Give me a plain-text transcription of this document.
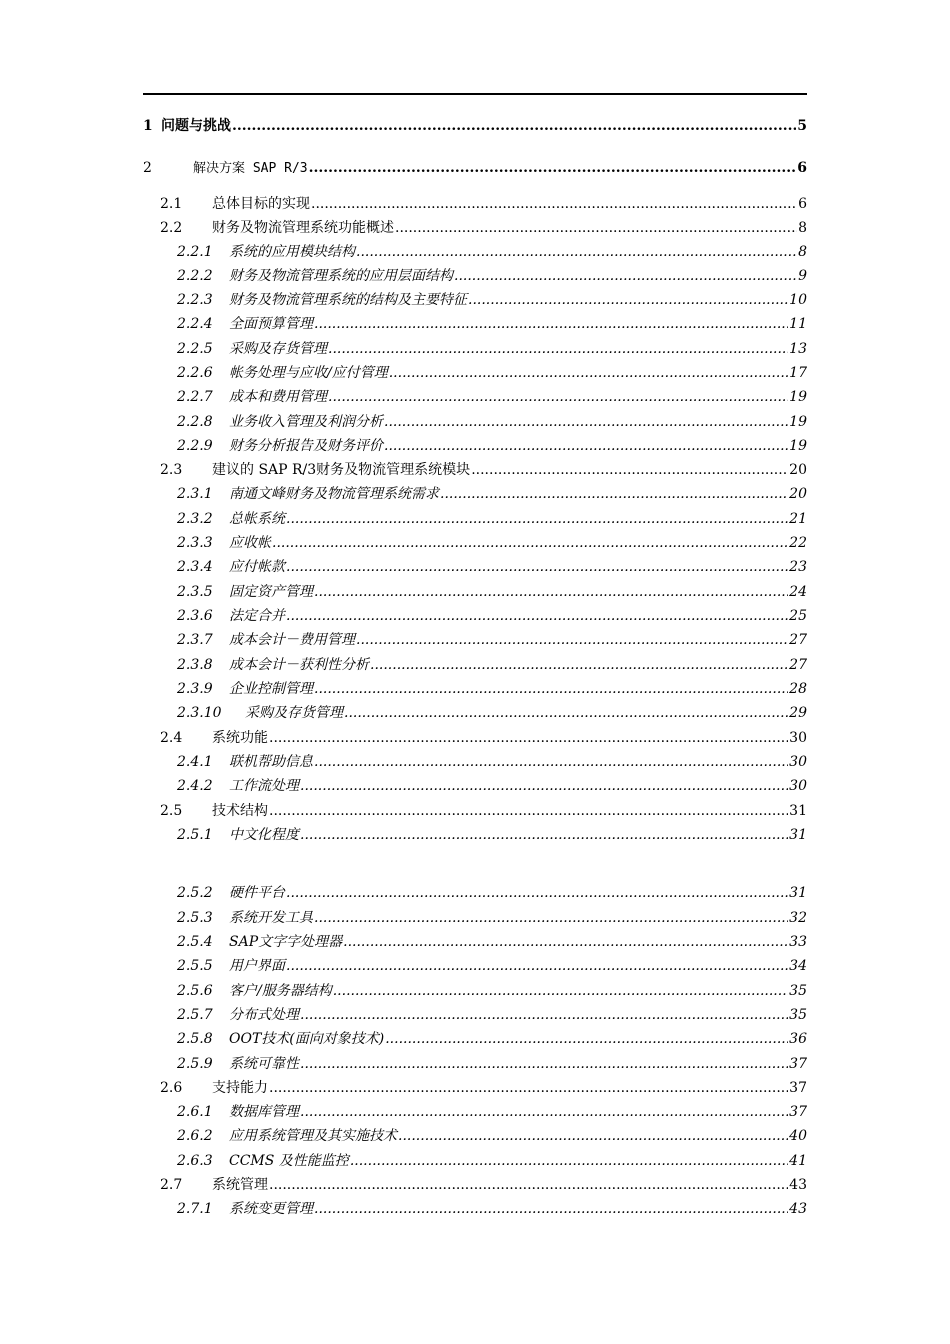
1 问题与挑战 .....	5
2	解决方案 SAP R/3 .....	6
2.1	总体目标的实现 .....	6
2.2	财务及物流管理系统功能概述 .....	8
2.2.1	系统的应用模块结构 .....	8
2.2.2	财务及物流管理系统的应用层面结构 .....	9
2.2.3	财务及物流管理系统的结构及主要特征 .....	10
2.2.4	全面预算管理 .....	11
2.2.5	采购及存货管理 .....	13
2.2.6	帐务处理与应收/应付管理 .....	17
2.2.7	成本和费用管理 .....	19
2.2.8	业务收入管理及利润分析 .....	19
2.2.9	财务分析报告及财务评价 .....	19
2.3	建议的 SAP R/3财务及物流管理系统模块 .....	20
2.3.1	南通文峰财务及物流管理系统需求 .....	20
2.3.2	总帐系统 .....	21
2.3.3	应收帐 .....	22
2.3.4	应付帐款 .....	23
2.3.5	固定资产管理 .....	24
2.3.6	法定合并 .....	25
2.3.7	成本会计－费用管理 .....	27
2.3.8	成本会计－获利性分析 .....	27
2.3.9	企业控制管理 .....	28
2.3.10	采购及存货管理 .....	29
2.4	系统功能 .....	30
2.4.1	联机帮助信息 .....	30
2.4.2	工作流处理 .....	30
2.5	技术结构 .....	31
2.5.1	中文化程度 .....	31
2.5.2	硬件平台 .....	31
2.5.3	系统开发工具 .....	32
2.5.4	SAP文字字处理器 .....	33
2.5.5	用户界面 .....	34
2.5.6	客户/服务器结构 .....	35
2.5.7	分布式处理 .....	35
2.5.8	OOT技术(面向对象技术) .....	36
2.5.9	系统可靠性 .....	37
2.6	支持能力 .....	37
2.6.1	数据库管理 .....	37
2.6.2	应用系统管理及其实施技术 .....	40
2.6.3	CCMS 及性能监控 .....	41
2.7	系统管理 .....	43
2.7.1	系统变更管理 .....	43
